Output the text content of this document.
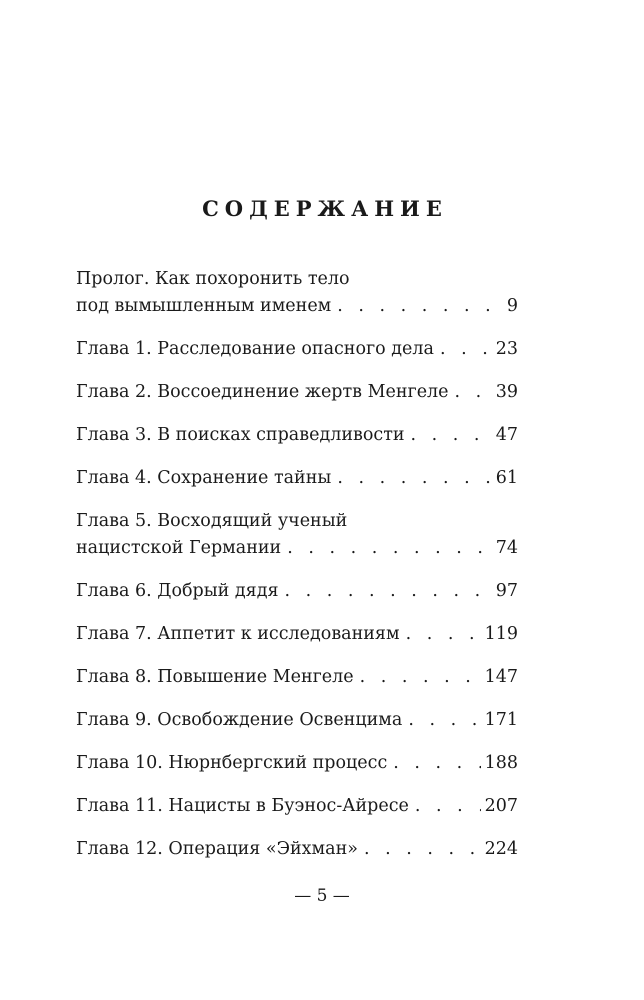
СОДЕРЖАНИЕ
Пролог. Как похоронить тело
под вымышленным именем . . .	9
Глава 1. Расследование опасного дела . . .	23
Глава 2. Воссоединение жертв Менгеле . . .	39
Глава 3. В поисках справедливости . . .	47
Глава 4. Сохранение тайны . . .	61
Глава 5. Восходящий ученый
нацистской Германии . . .	74
Глава 6. Добрый дядя . . .	97
Глава 7. Аппетит к исследованиям . . .	119
Глава 8. Повышение Менгеле . . .	147
Глава 9. Освобождение Освенцима . . .	171
Глава 10. Нюрнбергский процесс . . .	188
Глава 11. Нацисты в Буэнос-Айресе . . .	207
Глава 12. Операция «Эйхман» . . .	224
— 5 —
